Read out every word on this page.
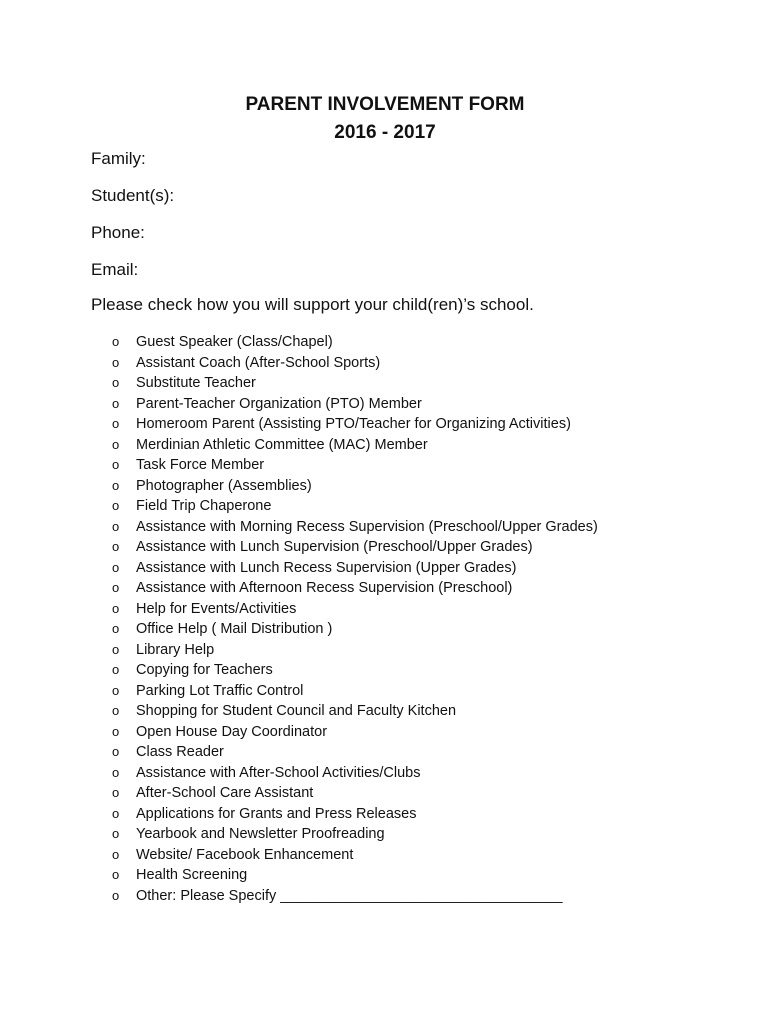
PARENT INVOLVEMENT FORM
2016 - 2017
Family:
Student(s):
Phone:
Email:
Please check how you will support your child(ren)’s school.
o	Guest Speaker (Class/Chapel)
o	Assistant Coach (After-School Sports)
o	Substitute Teacher
o	Parent-Teacher Organization (PTO) Member
o	Homeroom Parent (Assisting PTO/Teacher for Organizing Activities)
o	Merdinian Athletic Committee (MAC) Member
o	Task Force Member
o	Photographer (Assemblies)
o	Field Trip Chaperone
o	Assistance with Morning Recess Supervision (Preschool/Upper Grades)
o	Assistance with Lunch Supervision (Preschool/Upper Grades)
o	Assistance with Lunch Recess Supervision (Upper Grades)
o	Assistance with Afternoon Recess Supervision (Preschool)
o	Help for Events/Activities
o	Office Help ( Mail Distribution )
o	Library Help
o	Copying for Teachers
o	Parking Lot Traffic Control
o	Shopping for Student Council and Faculty Kitchen
o	Open House Day Coordinator
o	Class Reader
o	Assistance with After-School Activities/Clubs
o	After-School Care Assistant
o	Applications for Grants and Press Releases
o	Yearbook and Newsletter Proofreading
o	Website/ Facebook Enhancement
o	Health Screening
o	Other: Please Specify ___________________________________
